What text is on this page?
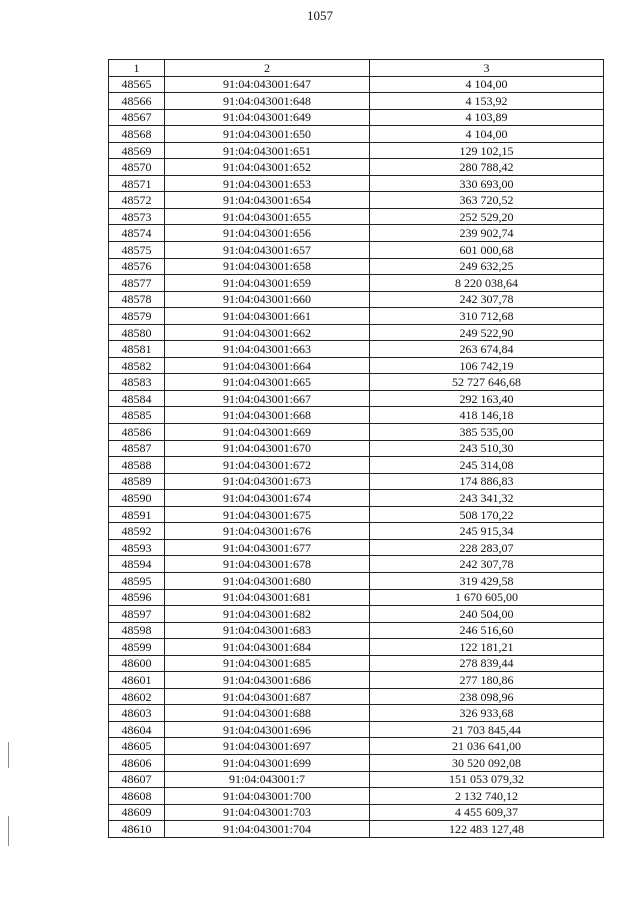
1057
1	2	3
48565	91:04:043001:647	4 104,00
48566	91:04:043001:648	4 153,92
48567	91:04:043001:649	4 103,89
48568	91:04:043001:650	4 104,00
48569	91:04:043001:651	129 102,15
48570	91:04:043001:652	280 788,42
48571	91:04:043001:653	330 693,00
48572	91:04:043001:654	363 720,52
48573	91:04:043001:655	252 529,20
48574	91:04:043001:656	239 902,74
48575	91:04:043001:657	601 000,68
48576	91:04:043001:658	249 632,25
48577	91:04:043001:659	8 220 038,64
48578	91:04:043001:660	242 307,78
48579	91:04:043001:661	310 712,68
48580	91:04:043001:662	249 522,90
48581	91:04:043001:663	263 674,84
48582	91:04:043001:664	106 742,19
48583	91:04:043001:665	52 727 646,68
48584	91:04:043001:667	292 163,40
48585	91:04:043001:668	418 146,18
48586	91:04:043001:669	385 535,00
48587	91:04:043001:670	243 510,30
48588	91:04:043001:672	245 314,08
48589	91:04:043001:673	174 886,83
48590	91:04:043001:674	243 341,32
48591	91:04:043001:675	508 170,22
48592	91:04:043001:676	245 915,34
48593	91:04:043001:677	228 283,07
48594	91:04:043001:678	242 307,78
48595	91:04:043001:680	319 429,58
48596	91:04:043001:681	1 670 605,00
48597	91:04:043001:682	240 504,00
48598	91:04:043001:683	246 516,60
48599	91:04:043001:684	122 181,21
48600	91:04:043001:685	278 839,44
48601	91:04:043001:686	277 180,86
48602	91:04:043001:687	238 098,96
48603	91:04:043001:688	326 933,68
48604	91:04:043001:696	21 703 845,44
48605	91:04:043001:697	21 036 641,00
48606	91:04:043001:699	30 520 092,08
48607	91:04:043001:7	151 053 079,32
48608	91:04:043001:700	2 132 740,12
48609	91:04:043001:703	4 455 609,37
48610	91:04:043001:704	122 483 127,48
